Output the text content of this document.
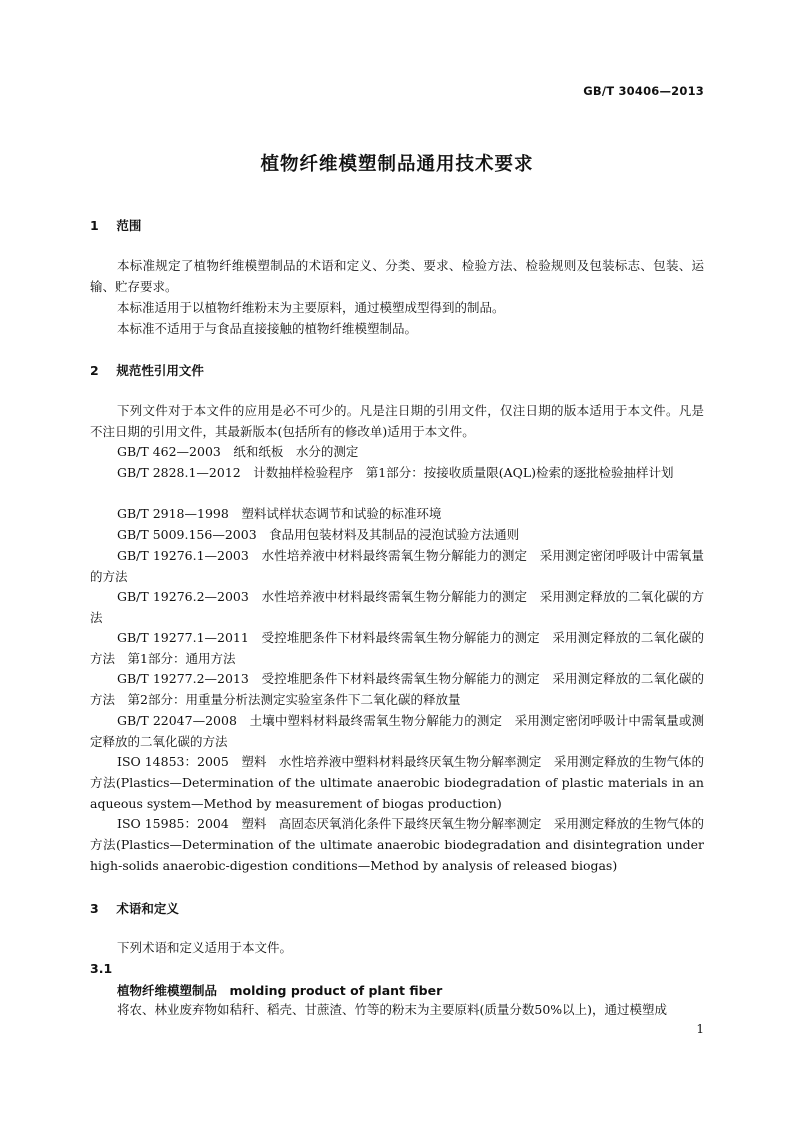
GB/T 30406—2013
植物纤维模塑制品通用技术要求
1 范围
本标准规定了植物纤维模塑制品的术语和定义、分类、要求、检验方法、检验规则及包装标志、包装、运输、贮存要求。
本标准适用于以植物纤维粉末为主要原料，通过模塑成型得到的制品。
本标准不适用于与食品直接接触的植物纤维模塑制品。
2 规范性引用文件
下列文件对于本文件的应用是必不可少的。凡是注日期的引用文件，仅注日期的版本适用于本文件。凡是不注日期的引用文件，其最新版本(包括所有的修改单)适用于本文件。
GB/T 462—2003　纸和纸板　水分的测定
GB/T 2828.1—2012　计数抽样检验程序　第1部分：按接收质量限(AQL)检索的逐批检验抽样计划
GB/T 2918—1998　塑料试样状态调节和试验的标准环境
GB/T 5009.156—2003　食品用包装材料及其制品的浸泡试验方法通则
GB/T 19276.1—2003　水性培养液中材料最终需氧生物分解能力的测定　采用测定密闭呼吸计中需氧量的方法
GB/T 19276.2—2003　水性培养液中材料最终需氧生物分解能力的测定　采用测定释放的二氧化碳的方法
GB/T 19277.1—2011　受控堆肥条件下材料最终需氧生物分解能力的测定　采用测定释放的二氧化碳的方法　第1部分：通用方法
GB/T 19277.2—2013　受控堆肥条件下材料最终需氧生物分解能力的测定　采用测定释放的二氧化碳的方法　第2部分：用重量分析法测定实验室条件下二氧化碳的释放量
GB/T 22047—2008　土壤中塑料材料最终需氧生物分解能力的测定　采用测定密闭呼吸计中需氧量或测定释放的二氧化碳的方法
ISO 14853：2005　塑料　水性培养液中塑料材料最终厌氧生物分解率测定　采用测定释放的生物气体的方法(Plastics—Determination of the ultimate anaerobic biodegradation of plastic materials in an aqueous system—Method by measurement of biogas production)
ISO 15985：2004　塑料　高固态厌氧消化条件下最终厌氧生物分解率测定　采用测定释放的生物气体的方法(Plastics—Determination of the ultimate anaerobic biodegradation and disintegration under high-solids anaerobic-digestion conditions—Method by analysis of released biogas)
3 术语和定义
下列术语和定义适用于本文件。
3.1
植物纤维模塑制品　molding product of plant fiber
将农、林业废弃物如秸秆、稻壳、甘蔗渣、竹等的粉末为主要原料(质量分数50%以上)，通过模塑成
1
